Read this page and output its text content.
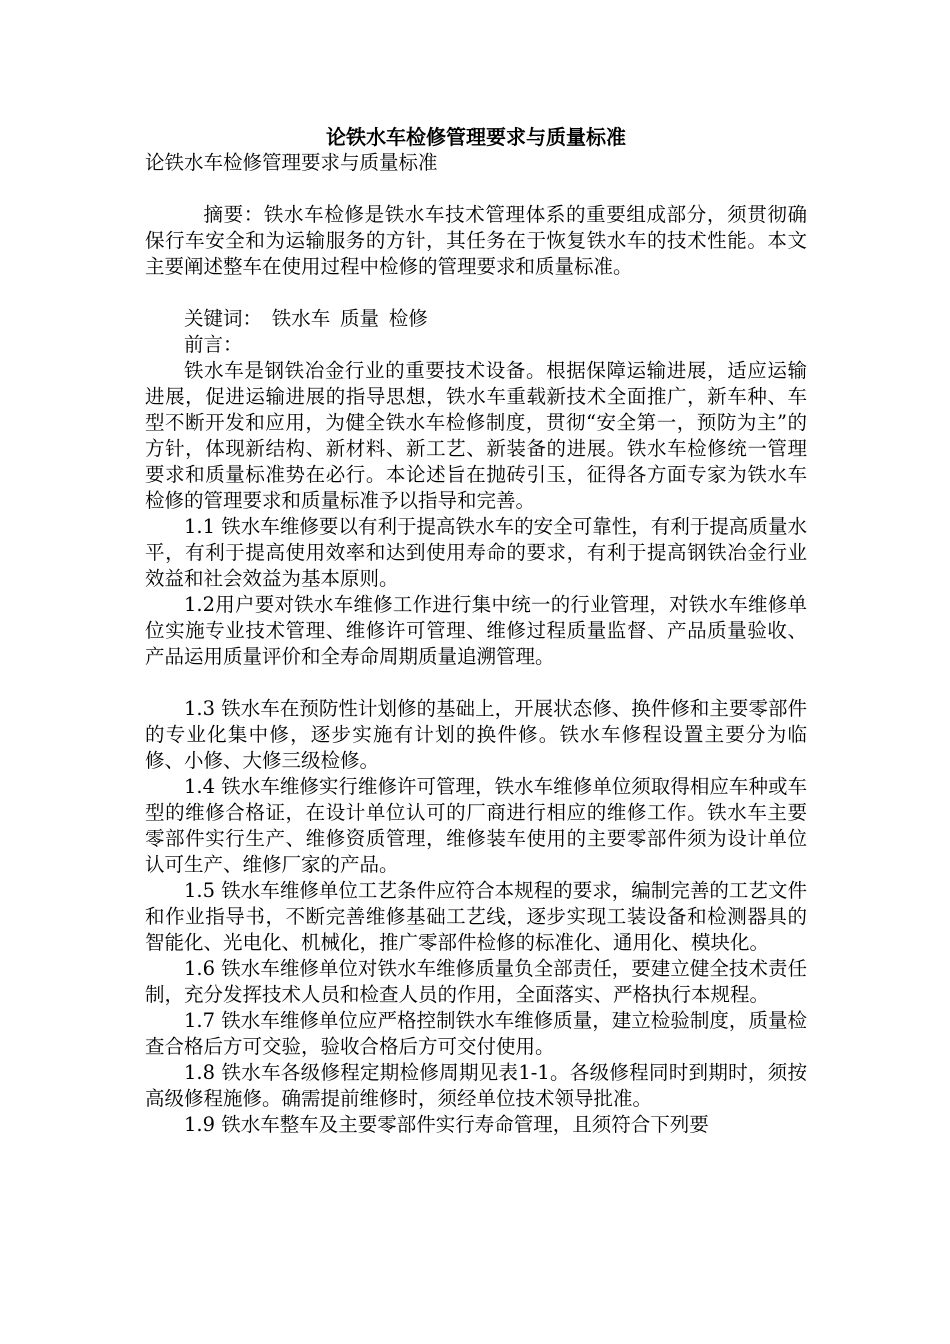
论铁水车检修管理要求与质量标准

论铁水车检修管理要求与质量标准

摘要：铁水车检修是铁水车技术管理体系的重要组成部分，须贯彻确保行车安全和为运输服务的方针，其任务在于恢复铁水车的技术性能。本文主要阐述整车在使用过程中检修的管理要求和质量标准。

关键词： 铁水车 质量 检修

前言：

铁水车是钢铁冶金行业的重要技术设备。根据保障运输进展，适应运输进展，促进运输进展的指导思想，铁水车重载新技术全面推广，新车种、车型不断开发和应用，为健全铁水车检修制度，贯彻“安全第一，预防为主”的方针，体现新结构、新材料、新工艺、新装备的进展。铁水车检修统一管理要求和质量标准势在必行。本论述旨在抛砖引玉，征得各方面专家为铁水车检修的管理要求和质量标准予以指导和完善。

1.1 铁水车维修要以有利于提高铁水车的安全可靠性，有利于提高质量水平，有利于提高使用效率和达到使用寿命的要求，有利于提高钢铁冶金行业效益和社会效益为基本原则。

1.2用户要对铁水车维修工作进行集中统一的行业管理，对铁水车维修单位实施专业技术管理、维修许可管理、维修过程质量监督、产品质量验收、产品运用质量评价和全寿命周期质量追溯管理。

1.3 铁水车在预防性计划修的基础上，开展状态修、换件修和主要零部件的专业化集中修，逐步实施有计划的换件修。铁水车修程设置主要分为临修、小修、大修三级检修。

1.4 铁水车维修实行维修许可管理，铁水车维修单位须取得相应车种或车型的维修合格证，在设计单位认可的厂商进行相应的维修工作。铁水车主要零部件实行生产、维修资质管理，维修装车使用的主要零部件须为设计单位认可生产、维修厂家的产品。

1.5 铁水车维修单位工艺条件应符合本规程的要求，编制完善的工艺文件和作业指导书，不断完善维修基础工艺线，逐步实现工装设备和检测器具的智能化、光电化、机械化，推广零部件检修的标准化、通用化、模块化。

1.6 铁水车维修单位对铁水车维修质量负全部责任，要建立健全技术责任制，充分发挥技术人员和检查人员的作用，全面落实、严格执行本规程。

1.7 铁水车维修单位应严格控制铁水车维修质量，建立检验制度，质量检查合格后方可交验，验收合格后方可交付使用。

1.8 铁水车各级修程定期检修周期见表1-1。各级修程同时到期时，须按高级修程施修。确需提前维修时，须经单位技术领导批准。

1.9 铁水车整车及主要零部件实行寿命管理，且须符合下列要
